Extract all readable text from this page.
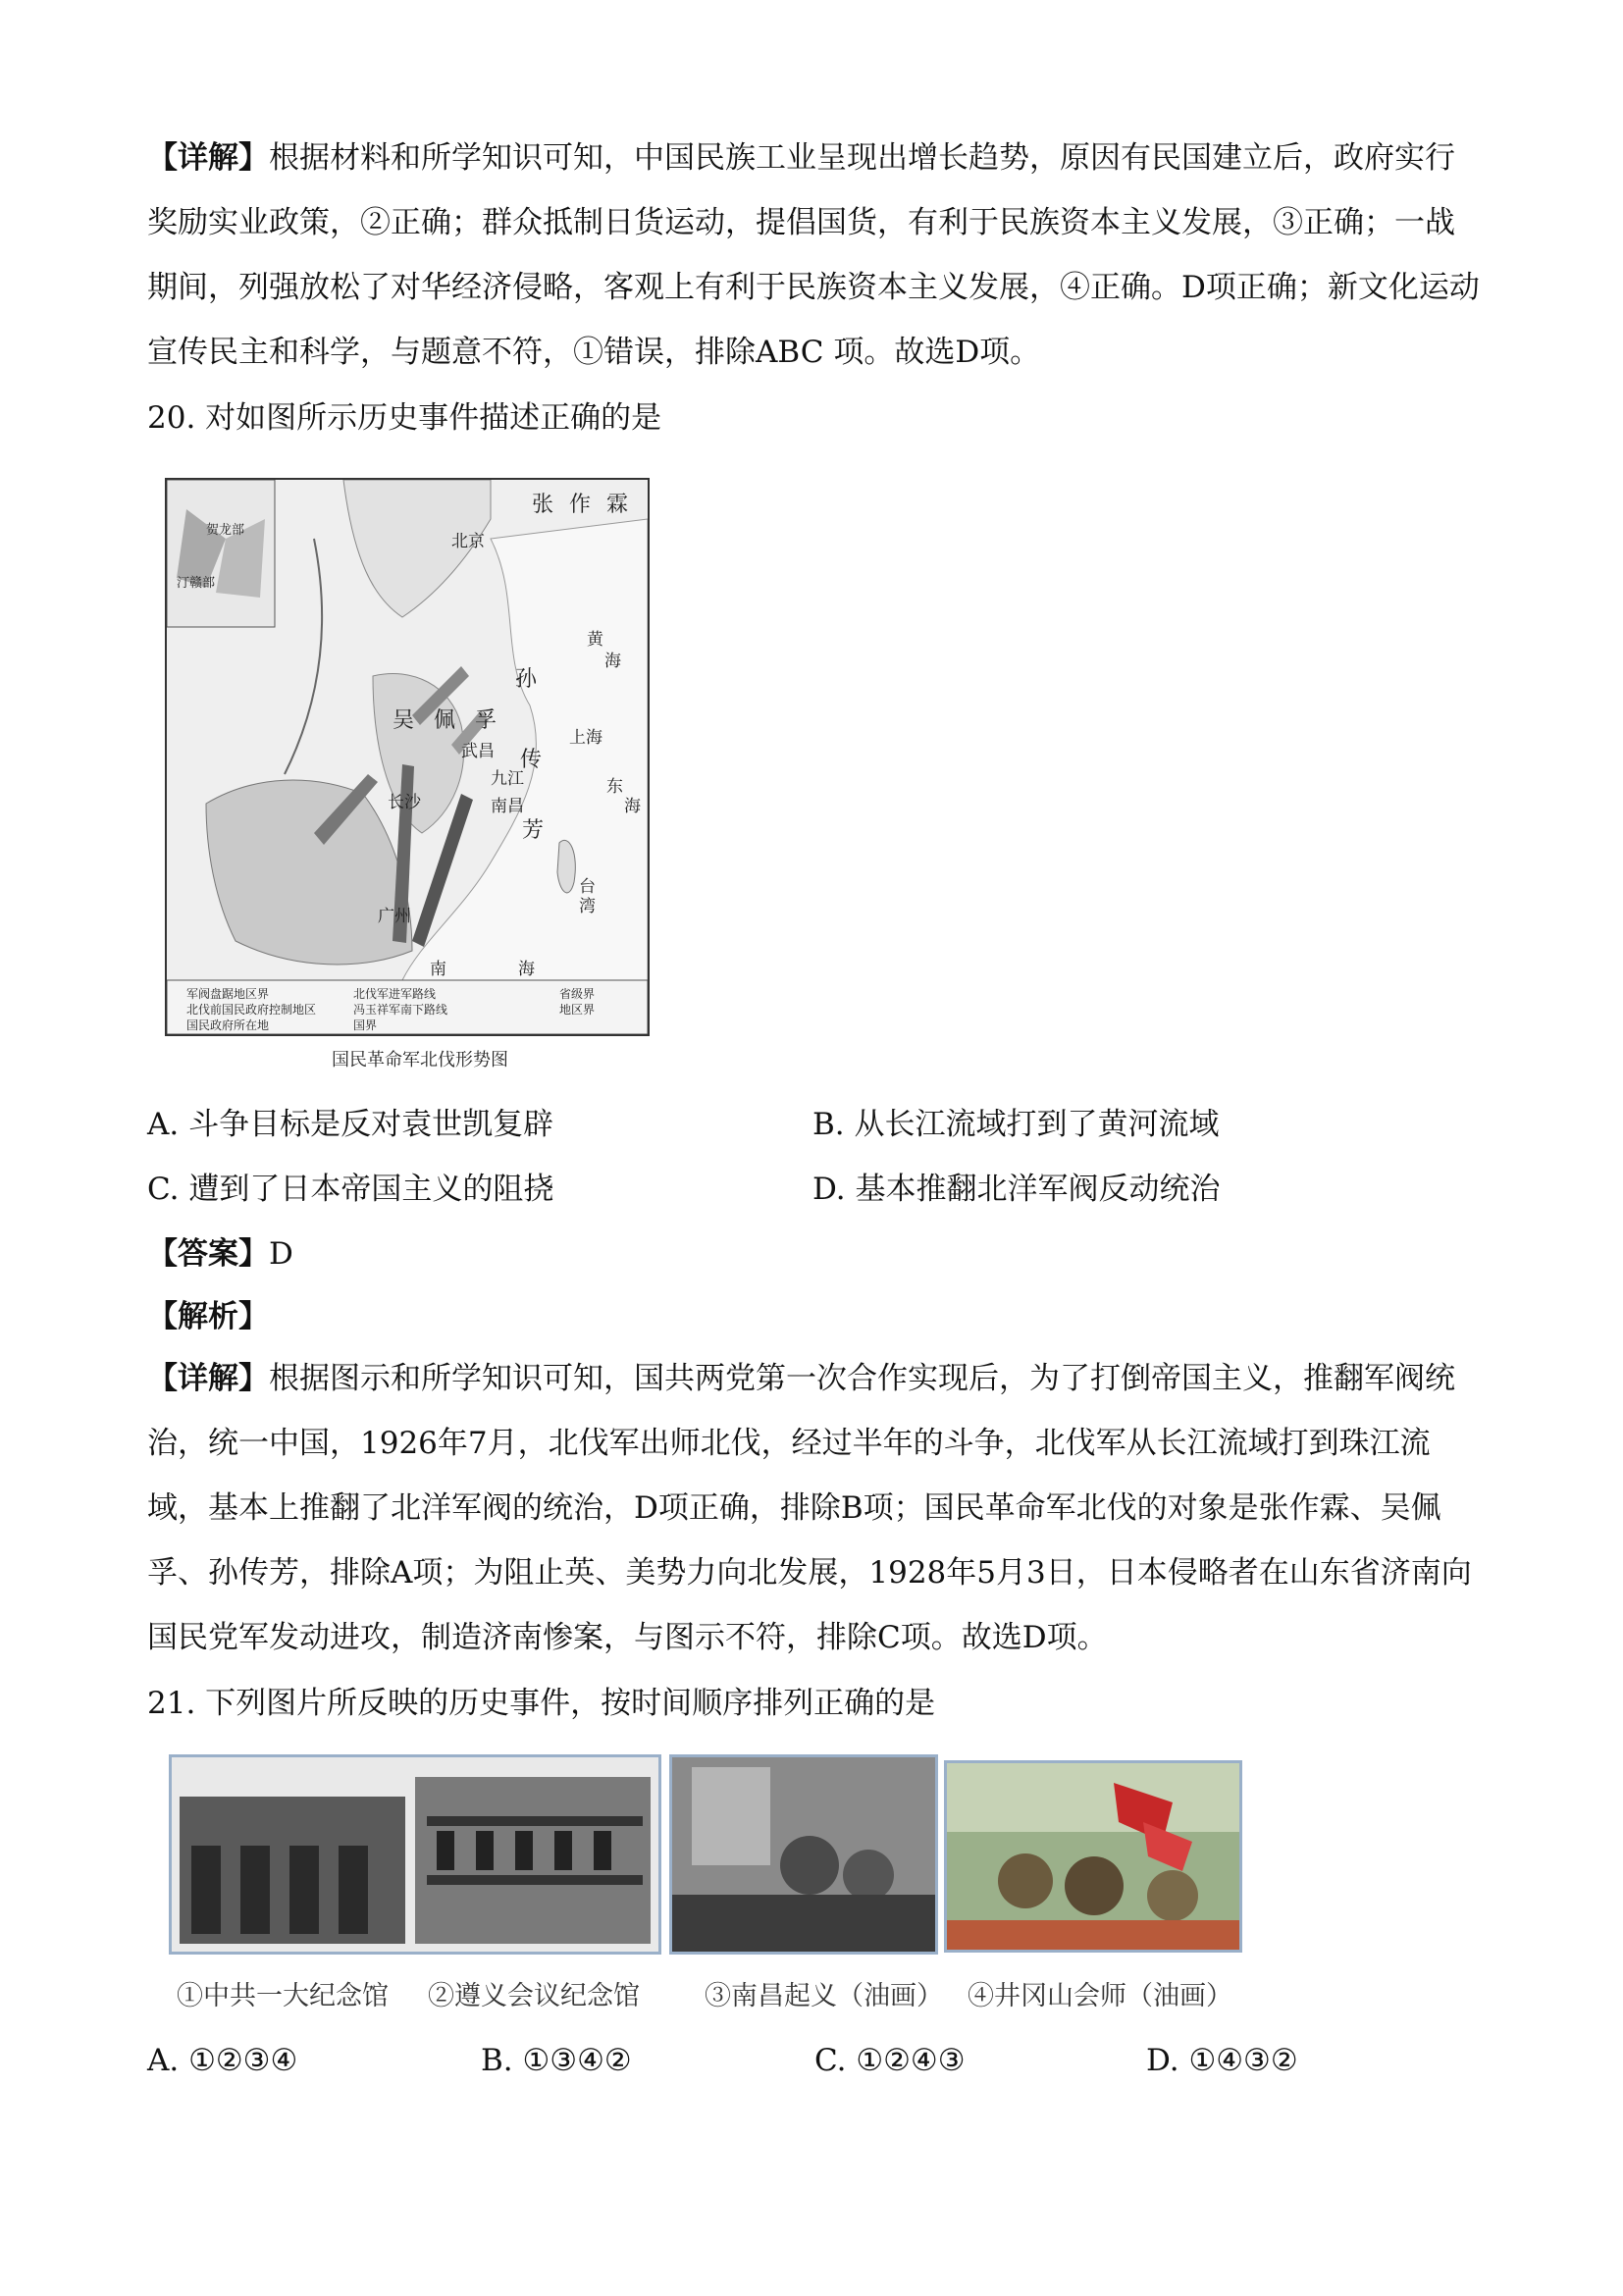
【详解】根据材料和所学知识可知，中国民族工业呈现出增长趋势，原因有民国建立后，政府实行奖励实业政策，②正确；群众抵制日货运动，提倡国货，有利于民族资本主义发展，③正确；一战期间，列强放松了对华经济侵略，客观上有利于民族资本主义发展，④正确。D项正确；新文化运动宣传民主和科学，与题意不符，①错误，排除ABC 项。故选D项。

20. 对如图所示历史事件描述正确的是

张 作 霖
北京
吴 佩 孚
武昌
长沙
九江
南昌
孙
传
芳
上海
广州
南	海
黄
海
东
海
台
湾
贺龙部
汀赣部
军阀盘踞地区界
北伐前国民政府控制地区
国民政府所在地
北伐军进军路线
冯玉祥军南下路线
国界
省级界
地区界
国民革命军北伐形势图
A. 斗争目标是反对袁世凯复辟	B. 从长江流域打到了黄河流域
C. 遭到了日本帝国主义的阻挠	D. 基本推翻北洋军阀反动统治

【答案】D

【解析】

【详解】根据图示和所学知识可知，国共两党第一次合作实现后，为了打倒帝国主义，推翻军阀统治，统一中国，1926年7月，北伐军出师北伐，经过半年的斗争，北伐军从长江流域打到珠江流域，基本上推翻了北洋军阀的统治，D项正确，排除B项；国民革命军北伐的对象是张作霖、吴佩孚、孙传芳，排除A项；为阻止英、美势力向北发展，1928年5月3日，日本侵略者在山东省济南向国民党军发动进攻，制造济南惨案，与图示不符，排除C项。故选D项。

21. 下列图片所反映的历史事件，按时间顺序排列正确的是

①中共一大纪念馆 ②遵义会议纪念馆 ③南昌起义（油画） ④井冈山会师（油画）
A. ①②③④	B. ①③④②	C. ①②④③	D. ①④③②
